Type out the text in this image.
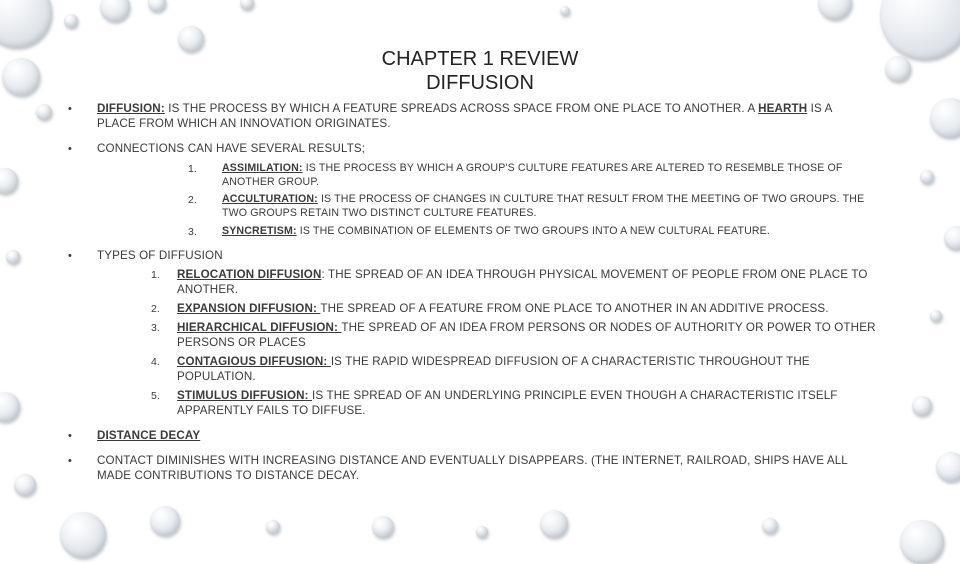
CHAPTER 1 REVIEW
DIFFUSION
• DIFFUSION: IS THE PROCESS BY WHICH A FEATURE SPREADS ACROSS SPACE FROM ONE PLACE TO ANOTHER. A HEARTH IS A PLACE FROM WHICH AN INNOVATION ORIGINATES.
• CONNECTIONS CAN HAVE SEVERAL RESULTS;
1. ASSIMILATION: IS THE PROCESS BY WHICH A GROUP'S CULTURE FEATURES ARE ALTERED TO RESEMBLE THOSE OF ANOTHER GROUP.
2. ACCULTURATION: IS THE PROCESS OF CHANGES IN CULTURE THAT RESULT FROM THE MEETING OF TWO GROUPS. THE TWO GROUPS RETAIN TWO DISTINCT CULTURE FEATURES.
3. SYNCRETISM: IS THE COMBINATION OF ELEMENTS OF TWO GROUPS INTO A NEW CULTURAL FEATURE.
• TYPES OF DIFFUSION
1. RELOCATION DIFFUSION: THE SPREAD OF AN IDEA THROUGH PHYSICAL MOVEMENT OF PEOPLE FROM ONE PLACE TO ANOTHER.
2. EXPANSION DIFFUSION: THE SPREAD OF A FEATURE FROM ONE PLACE TO ANOTHER IN AN ADDITIVE PROCESS.
3. HIERARCHICAL DIFFUSION: THE SPREAD OF AN IDEA FROM PERSONS OR NODES OF AUTHORITY OR POWER TO OTHER PERSONS OR PLACES
4. CONTAGIOUS DIFFUSION: IS THE RAPID WIDESPREAD DIFFUSION OF A CHARACTERISTIC THROUGHOUT THE POPULATION.
5. STIMULUS DIFFUSION: IS THE SPREAD OF AN UNDERLYING PRINCIPLE EVEN THOUGH A CHARACTERISTIC ITSELF APPARENTLY FAILS TO DIFFUSE.
• DISTANCE DECAY
• CONTACT DIMINISHES WITH INCREASING DISTANCE AND EVENTUALLY DISAPPEARS. (THE INTERNET, RAILROAD, SHIPS HAVE ALL MADE CONTRIBUTIONS TO DISTANCE DECAY.
